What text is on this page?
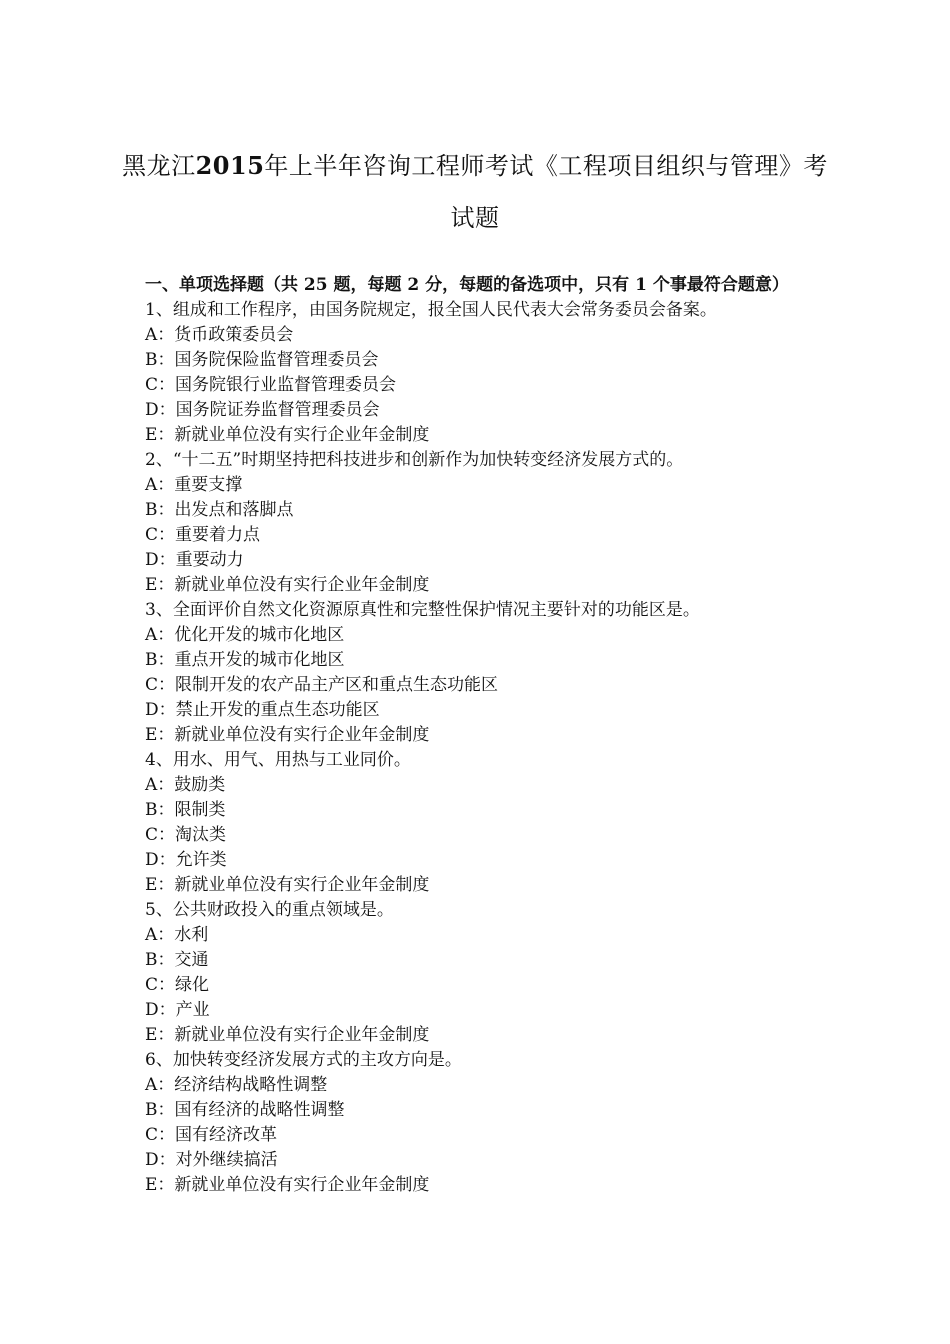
黑龙江2015年上半年咨询工程师考试《工程项目组织与管理》考试题

一、单项选择题（共 25 题，每题 2 分，每题的备选项中，只有 1 个事最符合题意）

1、组成和工作程序，由国务院规定，报全国人民代表大会常务委员会备案。

A：货币政策委员会

B：国务院保险监督管理委员会

C：国务院银行业监督管理委员会

D：国务院证券监督管理委员会

E：新就业单位没有实行企业年金制度

2、“十二五”时期坚持把科技进步和创新作为加快转变经济发展方式的。

A：重要支撑

B：出发点和落脚点

C：重要着力点

D：重要动力

E：新就业单位没有实行企业年金制度

3、全面评价自然文化资源原真性和完整性保护情况主要针对的功能区是。

A：优化开发的城市化地区

B：重点开发的城市化地区

C：限制开发的农产品主产区和重点生态功能区

D：禁止开发的重点生态功能区

E：新就业单位没有实行企业年金制度

4、用水、用气、用热与工业同价。

A：鼓励类

B：限制类

C：淘汰类

D：允许类

E：新就业单位没有实行企业年金制度

5、公共财政投入的重点领域是。

A：水利

B：交通

C：绿化

D：产业

E：新就业单位没有实行企业年金制度

6、加快转变经济发展方式的主攻方向是。

A：经济结构战略性调整

B：国有经济的战略性调整

C：国有经济改革

D：对外继续搞活

E：新就业单位没有实行企业年金制度
